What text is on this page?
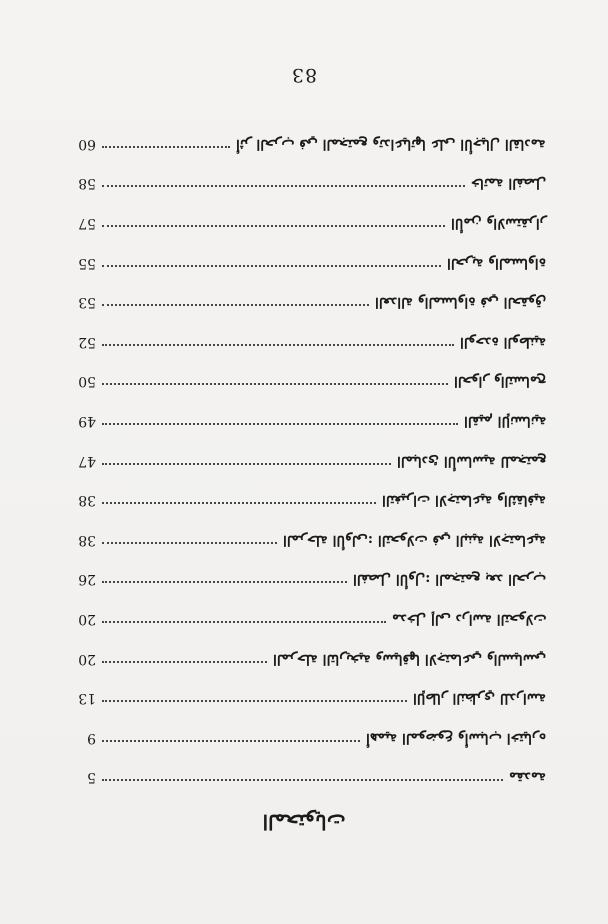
83
60	أثر الحرب في المجتمع وتداعياتها على الأجيال القادمة
58	خاتمة الفصل
57	الأمن والاستقرار
55	الحرية والمساواة
53	العدالة والمساواة في الحقوق
52	الوحدة الوطنية
50	الحوار والتسامح
49	القيم الإنسانية
47	المبادئ الأساسية للمجتمع
38	التغيرات الاجتماعية والثقافية
38	المرحلة الأولى: التحولات في البنية الاجتماعية
26	الفصل الأول: المجتمع بعد الحرب
20	مدخل إلى دراسة التحولات
20	المرحلة التاريخية وسياقها الاجتماعي والسياسي
13	الإطار النظري للدراسة
9	أهمية الموضوع وأسباب اختياره
5	مقدمة
المحتويات
